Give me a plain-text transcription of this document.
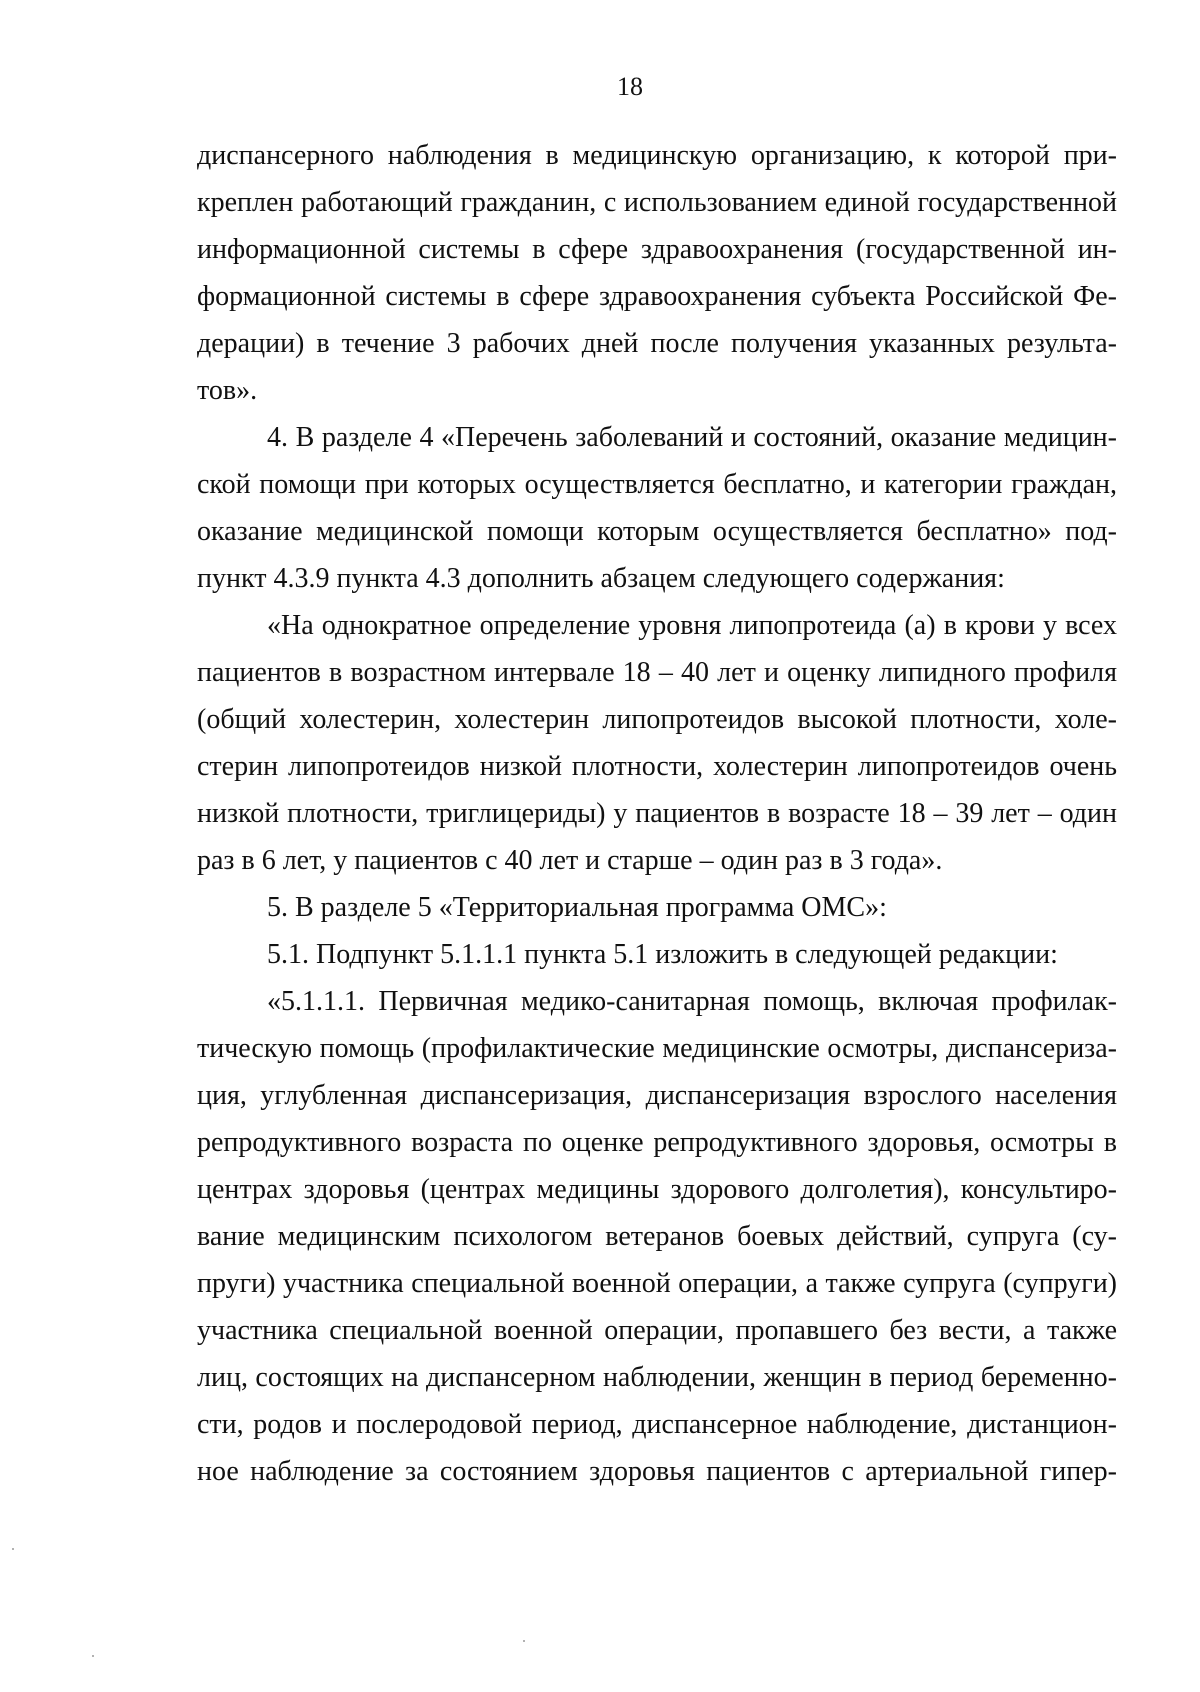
18
диспансерного наблюдения в медицинскую организацию, к которой при-
креплен работающий гражданин, с использованием единой государственной
информационной системы в сфере здравоохранения (государственной ин-
формационной системы в сфере здравоохранения субъекта Российской Фе-
дерации) в течение 3 рабочих дней после получения указанных результа-
тов».
4. В разделе 4 «Перечень заболеваний и состояний, оказание медицин-
ской помощи при которых осуществляется бесплатно, и категории граждан,
оказание медицинской помощи которым осуществляется бесплатно» под-
пункт 4.3.9 пункта 4.3 дополнить абзацем следующего содержания:
«На однократное определение уровня липопротеида (а) в крови у всех
пациентов в возрастном интервале 18 – 40 лет и оценку липидного профиля
(общий холестерин, холестерин липопротеидов высокой плотности, холе-
стерин липопротеидов низкой плотности, холестерин липопротеидов очень
низкой плотности, триглицериды) у пациентов в возрасте 18 – 39 лет – один
раз в 6 лет, у пациентов с 40 лет и старше – один раз в 3 года».
5. В разделе 5 «Территориальная программа ОМС»:
5.1. Подпункт 5.1.1.1 пункта 5.1 изложить в следующей редакции:
«5.1.1.1. Первичная медико-санитарная помощь, включая профилак-
тическую помощь (профилактические медицинские осмотры, диспансериза-
ция, углубленная диспансеризация, диспансеризация взрослого населения
репродуктивного возраста по оценке репродуктивного здоровья, осмотры в
центрах здоровья (центрах медицины здорового долголетия), консультиро-
вание медицинским психологом ветеранов боевых действий, супруга (су-
пруги) участника специальной военной операции, а также супруга (супруги)
участника специальной военной операции, пропавшего без вести, а также
лиц, состоящих на диспансерном наблюдении, женщин в период беременно-
сти, родов и послеродовой период, диспансерное наблюдение, дистанцион-
ное наблюдение за состоянием здоровья пациентов с артериальной гипер-
